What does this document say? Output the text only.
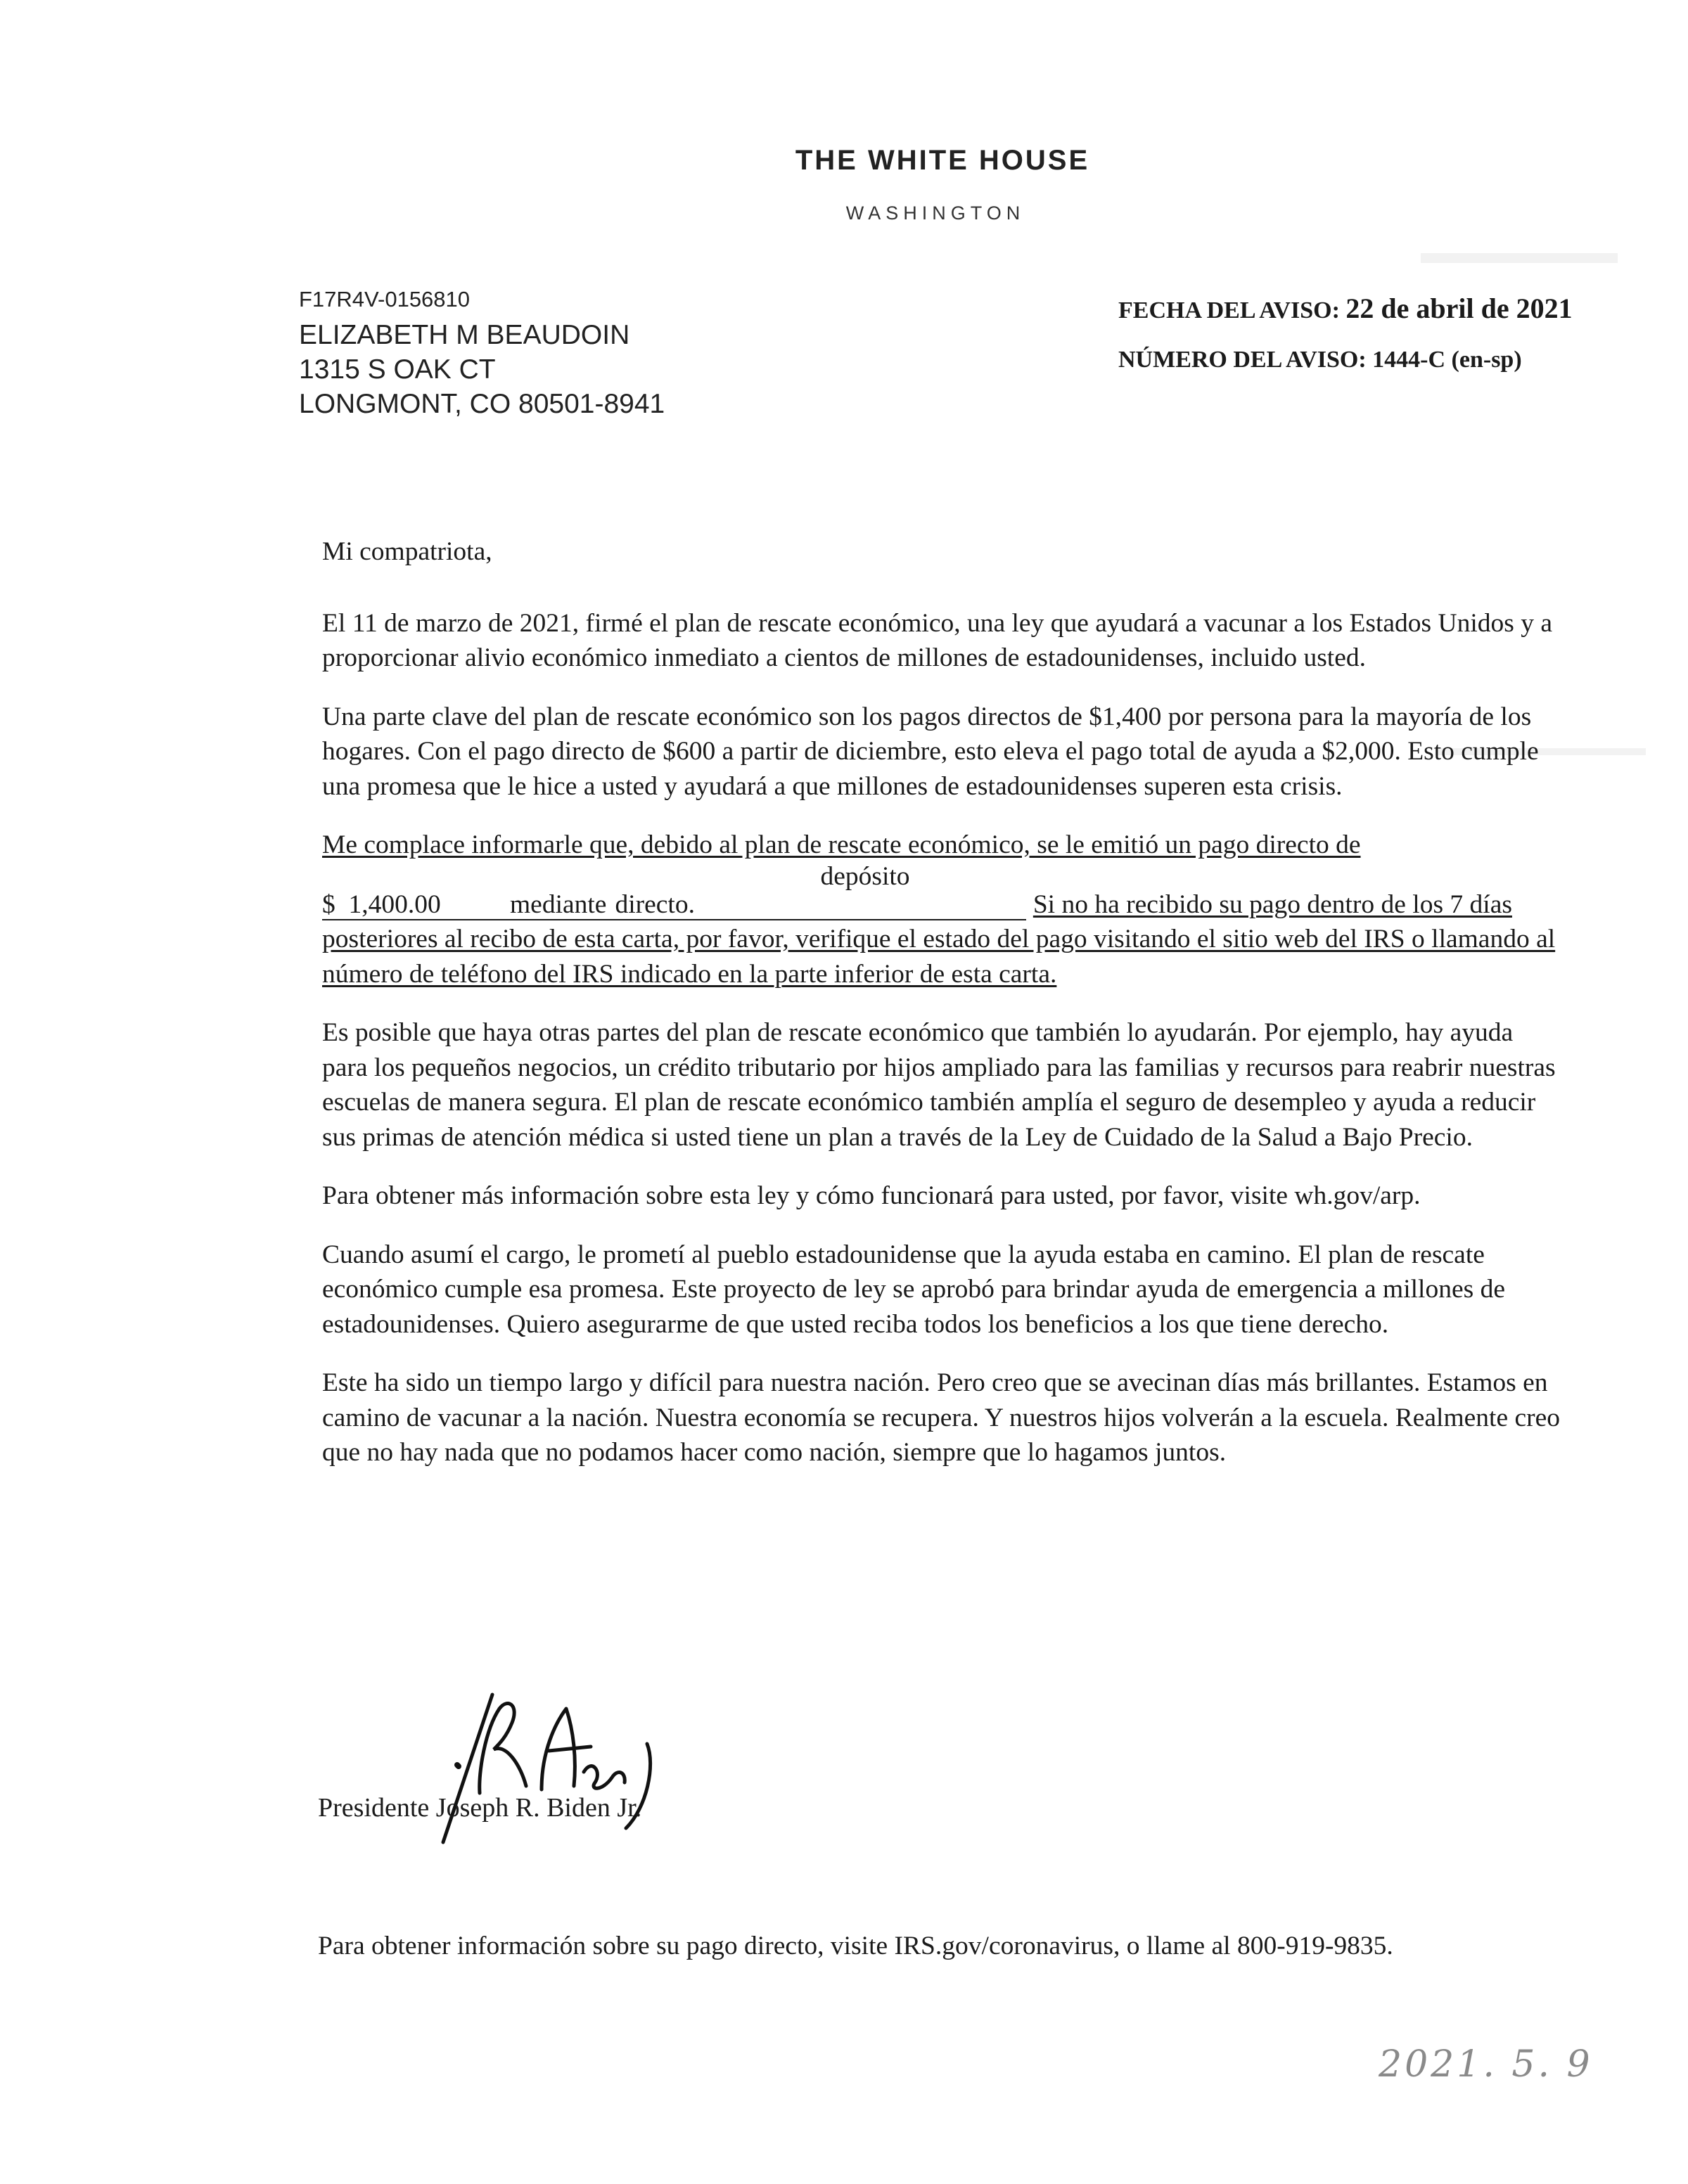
THE WHITE HOUSE
WASHINGTON
F17R4V-0156810
ELIZABETH M BEAUDOIN
1315 S OAK CT
LONGMONT, CO 80501-8941
FECHA DEL AVISO: 22 de abril de 2021
NÚMERO DEL AVISO: 1444-C (en-sp)

Mi compatriota,

El 11 de marzo de 2021, firmé el plan de rescate económico, una ley que ayudará a vacunar a los Estados Unidos y a proporcionar alivio económico inmediato a cientos de millones de estadounidenses, incluido usted.

Una parte clave del plan de rescate económico son los pagos directos de $1,400 por persona para la mayoría de los hogares. Con el pago directo de $600 a partir de diciembre, esto eleva el pago total de ayuda a $2,000. Esto cumple una promesa que le hice a usted y ayudará a que millones de estadounidenses superen esta crisis.

Me complace informarle que, debido al plan de rescate económico, se le emitió un pago directo de
$ 1,400.00	mediantedepósito directo.	Si no ha recibido su pago dentro de los 7 días posteriores al recibo de esta carta, por favor, verifique el estado del pago visitando el sitio web del IRS o llamando al número de teléfono del IRS indicado en la parte inferior de esta carta.

Es posible que haya otras partes del plan de rescate económico que también lo ayudarán. Por ejemplo, hay ayuda para los pequeños negocios, un crédito tributario por hijos ampliado para las familias y recursos para reabrir nuestras escuelas de manera segura. El plan de rescate económico también amplía el seguro de desempleo y ayuda a reducir sus primas de atención médica si usted tiene un plan a través de la Ley de Cuidado de la Salud a Bajo Precio.

Para obtener más información sobre esta ley y cómo funcionará para usted, por favor, visite wh.gov/arp.

Cuando asumí el cargo, le prometí al pueblo estadounidense que la ayuda estaba en camino. El plan de rescate económico cumple esa promesa. Este proyecto de ley se aprobó para brindar ayuda de emergencia a millones de estadounidenses. Quiero asegurarme de que usted reciba todos los beneficios a los que tiene derecho.

Este ha sido un tiempo largo y difícil para nuestra nación. Pero creo que se avecinan días más brillantes. Estamos en camino de vacunar a la nación. Nuestra economía se recupera. Y nuestros hijos volverán a la escuela. Realmente creo que no hay nada que no podamos hacer como nación, siempre que lo hagamos juntos.

Presidente Joseph R. Biden Jr.
Para obtener información sobre su pago directo, visite IRS.gov/coronavirus, o llame al 800-919-9835.
2021. 5. 9
